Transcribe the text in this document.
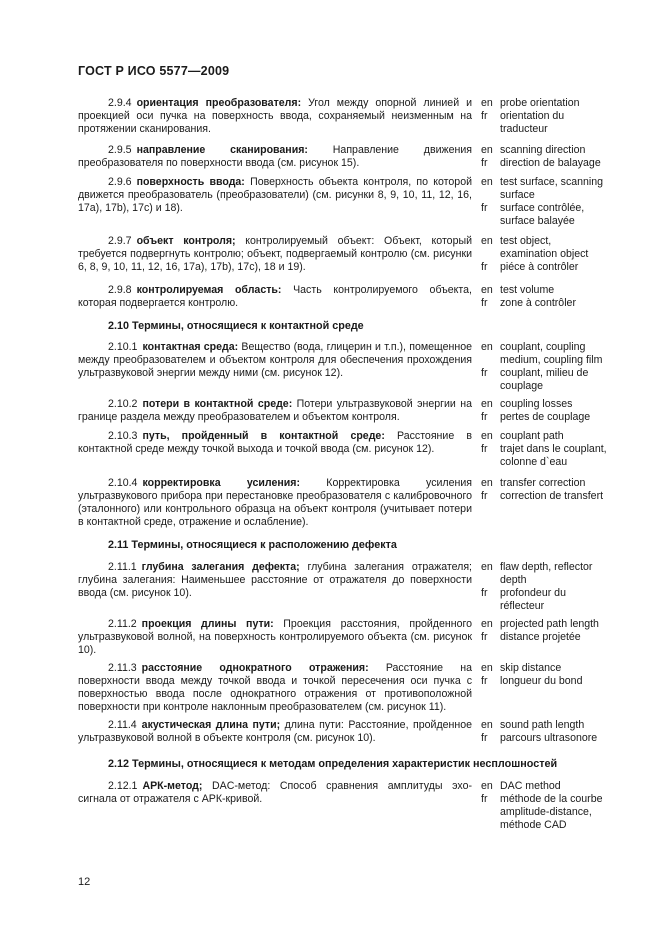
ГОСТ Р ИСО 5577—2009
2.9.4 ориентация преобразователя: Угол между опорной линией и проекцией оси пучка на поверхность ввода, сохраняемый неизменным на протяжении сканирования.
en probe orientation
fr	orientation du
traducteur
2.9.5 направление сканирования: Направление движения преобразователя по поверхности ввода (см. рисунок 15).
en scanning direction
fr	direction de balayage
2.9.6 поверхность ввода: Поверхность объекта контроля, по которой движется преобразователь (преобразователи) (см. рисунки 8, 9, 10, 11, 12, 16, 17а), 17b), 17c) и 18).
en test surface, scanning
surface
fr	surface contrôlée,
surface balayée
2.9.7 объект контроля; контролируемый объект: Объект, который требуется подвергнуть контролю; объект, подвергаемый контролю (см. рисунки 6, 8, 9, 10, 11, 12, 16, 17а), 17b), 17c), 18 и 19).
en test object,
examination object
fr	piéce à contrôler
2.9.8 контролируемая область: Часть контролируемого объекта, которая подвергается контролю.
en test volume
fr	zone à contrôler
2.10 Термины, относящиеся к контактной среде
2.10.1 контактная среда: Вещество (вода, глицерин и т.п.), помещенное между преобразователем и объектом контроля для обеспечения прохождения ультразвуковой энергии между ними (см. рисунок 12).
en couplant, coupling
medium, coupling film
fr	couplant, milieu de
couplage
2.10.2 потери в контактной среде: Потери ультразвуковой энергии на границе раздела между преобразователем и объектом контроля.
en coupling losses
fr	pertes de couplage
2.10.3 путь, пройденный в контактной среде: Расстояние в контактной среде между точкой выхода и точкой ввода (см. рисунок 12).
en couplant path
fr	trajet dans le couplant,
colonne d`eau
2.10.4 корректировка усиления: Корректировка усиления ультразвукового прибора при перестановке преобразователя с калибровочного (эталонного) или контрольного образца на объект контроля (учитывает потери в контактной среде, отражение и ослабление).
en transfer correction
fr	correction de transfert
2.11 Термины, относящиеся к расположению дефекта
2.11.1 глубина залегания дефекта; глубина залегания отражателя; глубина залегания: Наименьшее расстояние от отражателя до поверхности ввода (см. рисунок 10).
en flaw depth, reflector
depth
fr	profondeur du
réflecteur
2.11.2 проекция длины пути: Проекция расстояния, пройденного ультразвуковой волной, на поверхность контролируемого объекта (см. рисунок 10).
en projected path length
fr	distance projetée
2.11.3 расстояние однократного отражения: Расстояние на поверхности ввода между точкой ввода и точкой пересечения оси пучка с поверхностью ввода после однократного отражения от противоположной поверхности при контроле наклонным преобразователем (см. рисунок 11).
en skip distance
fr	longueur du bond
2.11.4 акустическая длина пути; длина пути: Расстояние, пройденное ультразвуковой волной в объекте контроля (см. рисунок 10).
en sound path length
fr	parcours ultrasonore
2.12 Термины, относящиеся к методам определения характеристик несплошностей
2.12.1 АРК-метод; DAC-метод: Способ сравнения амплитуды эхо-сигнала от отражателя с АРК-кривой.
en DAC method
fr	méthode de la courbe
amplitude-distance,
méthode CAD
12
